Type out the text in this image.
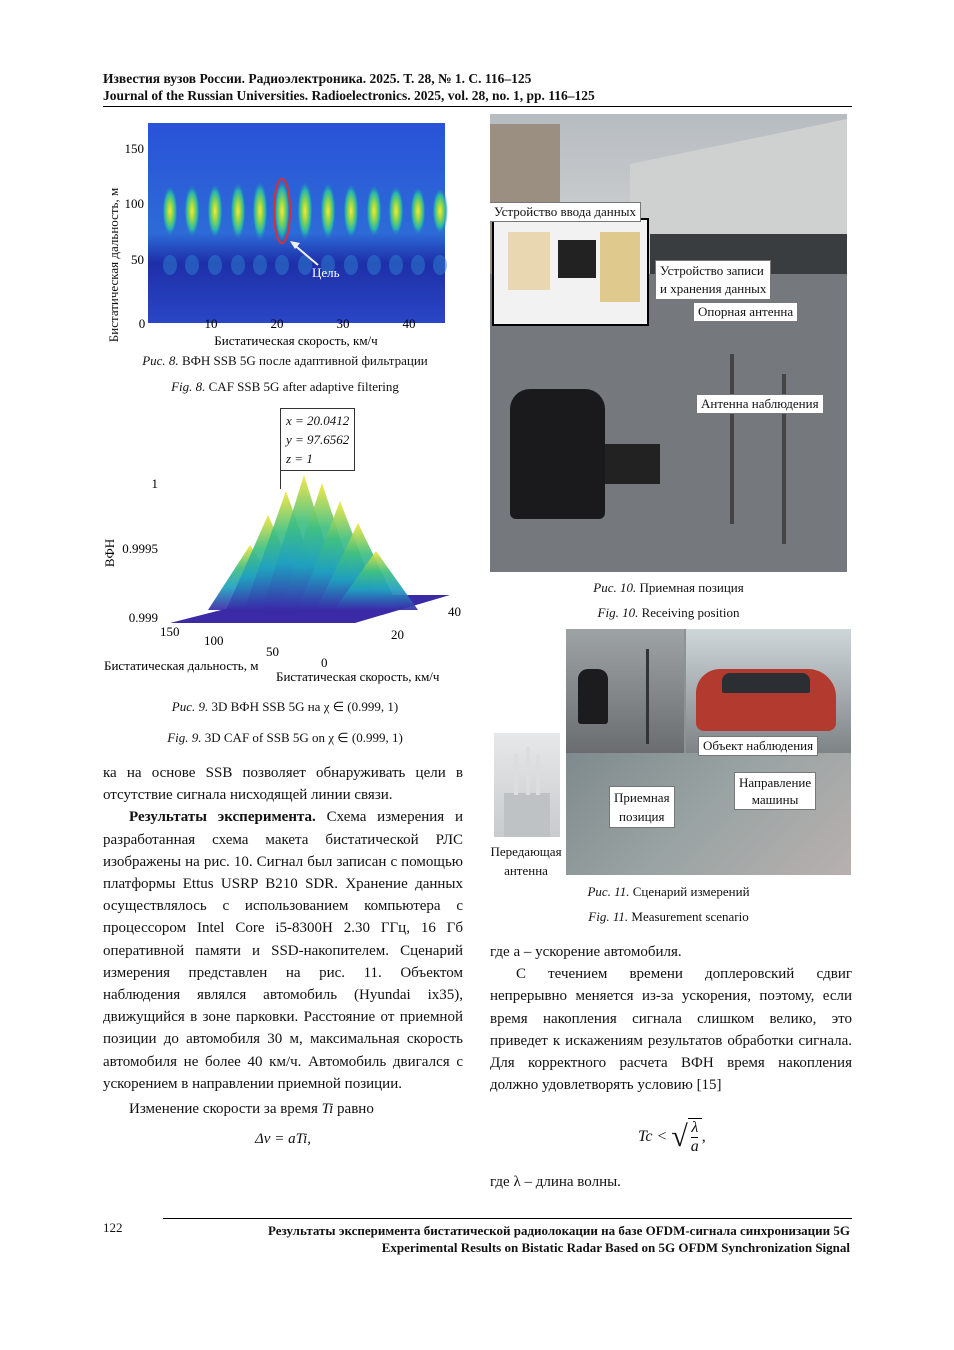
Известия вузов России. Радиоэлектроника. 2025. Т. 28, № 1. С. 116–125
Journal of the Russian Universities. Radioelectronics. 2025, vol. 28, no. 1, pp. 116–125
Бистатическая дальность, м	Цель
150
100
50
0	10	20	30	40
Бистатическая скорость, км/ч
Рис. 8. ВФН SSB 5G после адаптивной фильтрации
Fig. 8. CAF SSB 5G after adaptive filtering
1
0.9995
0.999
ВФН
150
100
50
40
20
0
Бистатическая дальность, м
Бистатическая скорость, км/ч
x = 20.0412
y = 97.6562
z = 1
Рис. 9. 3D ВФН SSB 5G на χ ∈ (0.999, 1)
Fig. 9. 3D CAF of SSB 5G on χ ∈ (0.999, 1)
Устройство ввода данных
Устройство записи
и хранения данных
Опорная антенна
Антенна наблюдения
Рис. 10. Приемная позиция
Fig. 10. Receiving position
Передающая
антенна
Объект наблюдения
Направление
машины
Приемная
позиция
Рис. 11. Сценарий измерений
Fig. 11. Measurement scenario

ка на основе SSB позволяет обнаруживать цели в отсутствие сигнала нисходящей линии связи.

Результаты эксперимента. Схема измерения и разработанная схема макета бистатической РЛС изображены на рис. 10. Сигнал был записан с помощью платформы Ettus USRP B210 SDR. Хранение данных осуществлялось с использованием компьютера с процессором Intel Core i5-8300H 2.30 ГГц, 16 Гб оперативной памяти и SSD-накопителем. Сценарий измерения представлен на рис. 11. Объектом наблюдения являлся автомобиль (Hyundai ix35), движущийся в зоне парковки. Расстояние от приемной позиции до автомобиля 30 м, максимальная скорость автомобиля не более 40 км/ч. Автомобиль двигался с ускорением в направлении приемной позиции.

Изменение скорости за время Ti равно

Δv = aTi,

где a – ускорение автомобиля.

С течением времени доплеровский сдвиг непрерывно меняется из-за ускорения, поэтому, если время накопления сигнала слишком велико, это приведет к искажениям результатов обработки сигнала. Для корректного расчета ВФН время накопления должно удовлетворять условию [15]

Tc < √ $\frac{\lambda}{a}$ ,
где λ – длина волны.
122	Результаты эксперимента бистатической радиолокации на базе OFDM-сигнала синхронизации 5G
Experimental Results on Bistatic Radar Based on 5G OFDM Synchronization Signal
